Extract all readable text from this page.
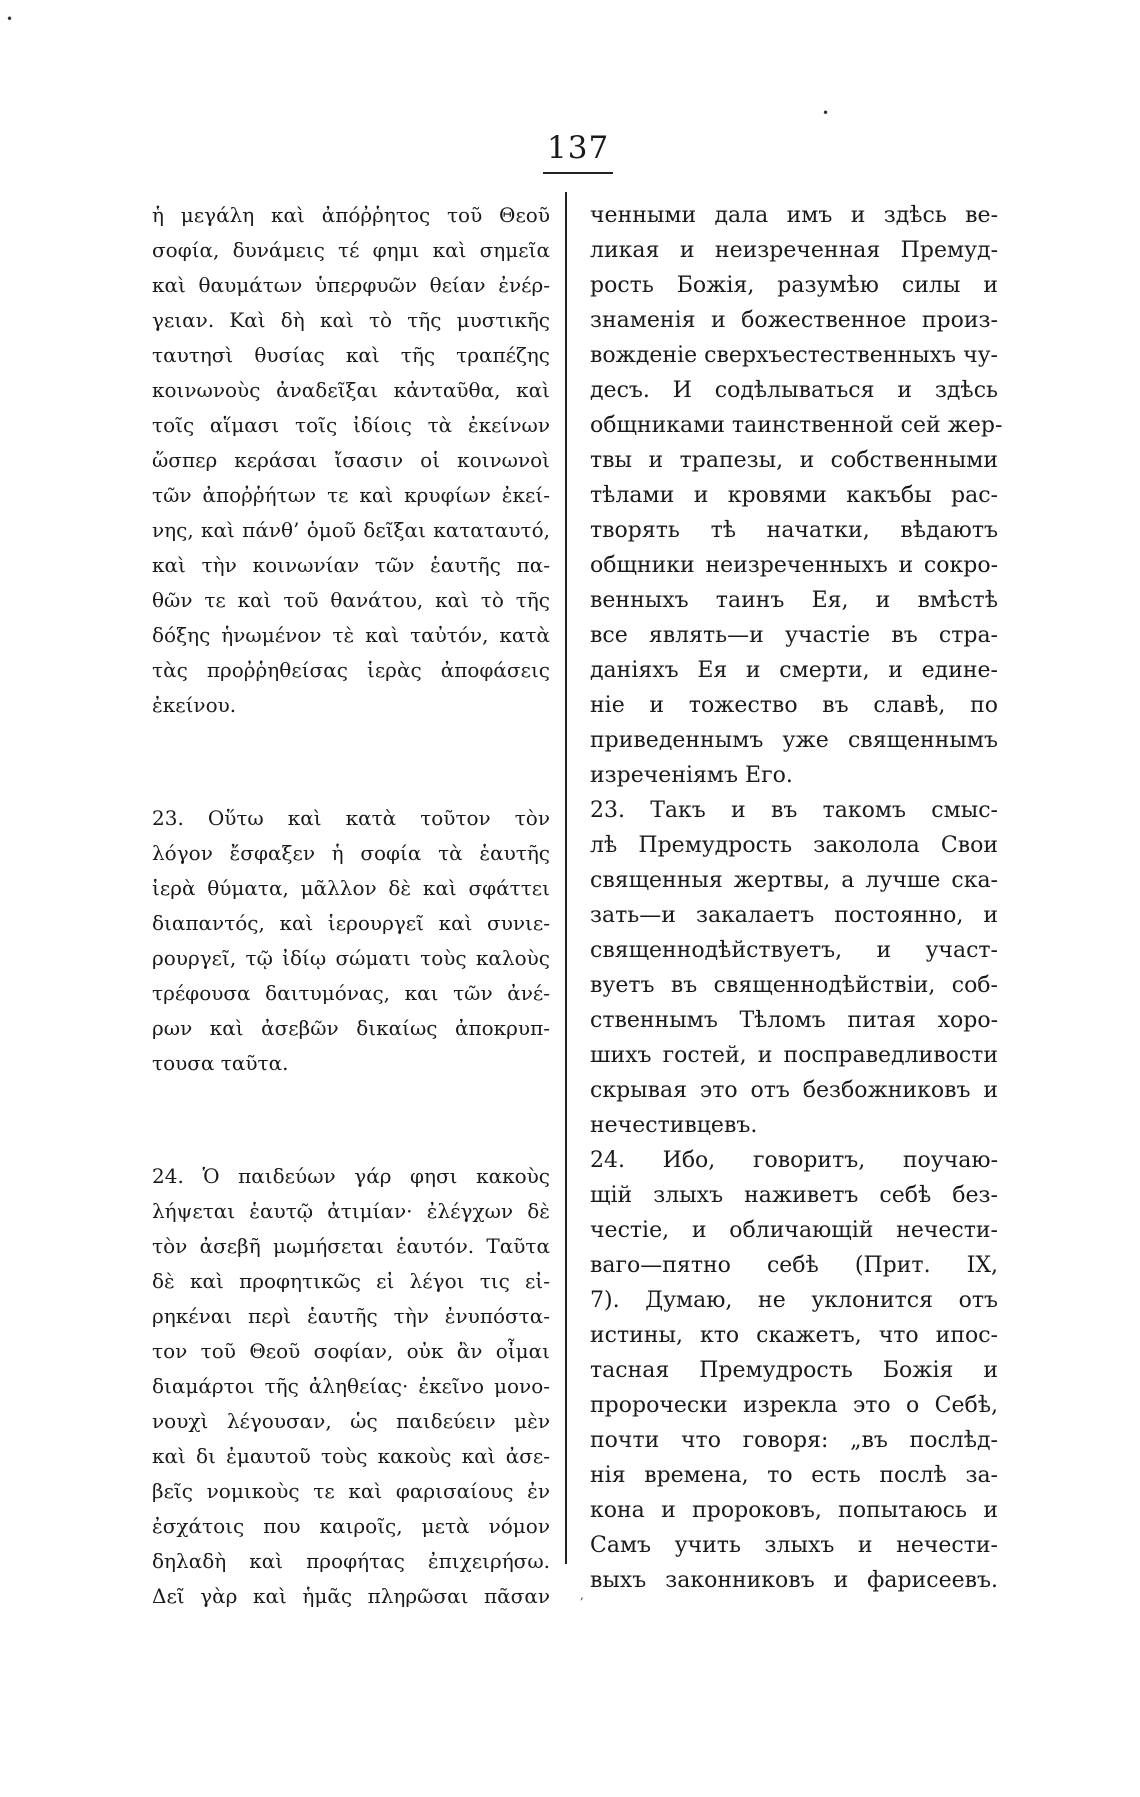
137
ἡ μεγάλη καὶ ἀπόῤῥητος τοῦ Θεοῦ
σοφία, δυνάμεις τέ φημι καὶ σημεῖα
καὶ θαυμάτων ὑπερφυῶν θείαν ἐνέρ-
γειαν. Καὶ δὴ καὶ τὸ τῆς μυστικῆς
ταυτησὶ θυσίας καὶ τῆς τραπέζης
κοινωνοὺς ἀναδεῖξαι κἀνταῦθα, καὶ
τοῖς αἵμασι τοῖς ἰδίοις τὰ ἐκείνων
ὥσπερ κεράσαι ἴσασιν οἱ κοινωνοὶ
τῶν ἀποῤῥήτων τε καὶ κρυφίων ἐκεί-
νης, καὶ πάνθ’ ὁμοῦ δεῖξαι καταταυτό,
καὶ τὴν κοινωνίαν τῶν ἑαυτῆς πα-
θῶν τε καὶ τοῦ θανάτου, καὶ τὸ τῆς
δόξης ἡνωμένον τὲ καὶ ταὐτόν, κατὰ
τὰς προῤῥηθείσας ἱερὰς ἀποφάσεις
ἐκείνου.
23. Οὕτω καὶ κατὰ τοῦτον τὸν
λόγον ἔσφαξεν ἡ σοφία τὰ ἑαυτῆς
ἱερὰ θύματα, μᾶλλον δὲ καὶ σφάττει
διαπαντός, καὶ ἱερουργεῖ καὶ συνιε-
ρουργεῖ, τῷ ἰδίῳ σώματι τοὺς καλοὺς
τρέφουσα δαιτυμόνας, και τῶν ἀνέ-
ρων καὶ ἀσεβῶν δικαίως ἀποκρυπ-
τουσα ταῦτα.
24. Ὁ παιδεύων γάρ φησι κακοὺς
λήψεται ἑαυτῷ ἀτιμίαν· ἐλέγχων δὲ
τὸν ἀσεβῆ μωμήσεται ἑαυτόν. Ταῦτα
δὲ καὶ προφητικῶς εἰ λέγοι τις εἰ-
ρηκέναι περὶ ἑαυτῆς τὴν ἐνυπόστα-
τον τοῦ Θεοῦ σοφίαν, οὐκ ἂν οἶμαι
διαμάρτοι τῆς ἀληθείας· ἐκεῖνο μονο-
νουχὶ λέγουσαν, ὡς παιδεύειν μὲν
καὶ δι ἐμαυτοῦ τοὺς κακοὺς καὶ ἀσε-
βεῖς νομικοὺς τε καὶ φαρισαίους ἐν
ἐσχάτοις που καιροῖς, μετὰ νόμον
δηλαδὴ καὶ προφήτας ἐπιχειρήσω.
Δεῖ γὰρ καὶ ἡμᾶς πληρῶσαι πᾶσαν
ченными дала имъ и здѣсь ве-
ликая и неизреченная Премуд-
рость Божія, разумѣю силы и
знаменія и божественное произ-
вожденіе сверхъестественныхъ чу-
десъ. И содѣлываться и здѣсь
общниками таинственной сей жер-
твы и трапезы, и собственными
тѣлами и кровями какъбы рас-
творять тѣ начатки, вѣдаютъ
общники неизреченныхъ и сокро-
венныхъ таинъ Ея, и вмѣстѣ
все являть—и участіе въ стра-
даніяхъ Ея и смерти, и едине-
ніе и тожество въ славѣ, по
приведеннымъ уже священнымъ
изреченіямъ Его.
23. Такъ и въ такомъ смыс-
лѣ Премудрость заколола Свои
священныя жертвы, а лучше ска-
зать—и закалаетъ постоянно, и
священнодѣйствуетъ, и участ-
вуетъ въ священнодѣйствіи, соб-
ственнымъ Тѣломъ питая хоро-
шихъ гостей, и посправедливости
скрывая это отъ безбожниковъ и
нечестивцевъ.
24. Ибо, говоритъ, поучаю-
щій злыхъ наживетъ себѣ без-
честіе, и обличающій нечести-
ваго—пятно себѣ (Прит. IX,
7). Думаю, не уклонится отъ
истины, кто скажетъ, что ипос-
тасная Премудрость Божія и
пророчески изрекла это о Себѣ,
почти что говоря: „въ послѣд-
нія времена, то есть послѣ за-
кона и пророковъ, попытаюсь и
Самъ учить злыхъ и нечести-
выхъ законниковъ и фарисеевъ.
•
•
,
